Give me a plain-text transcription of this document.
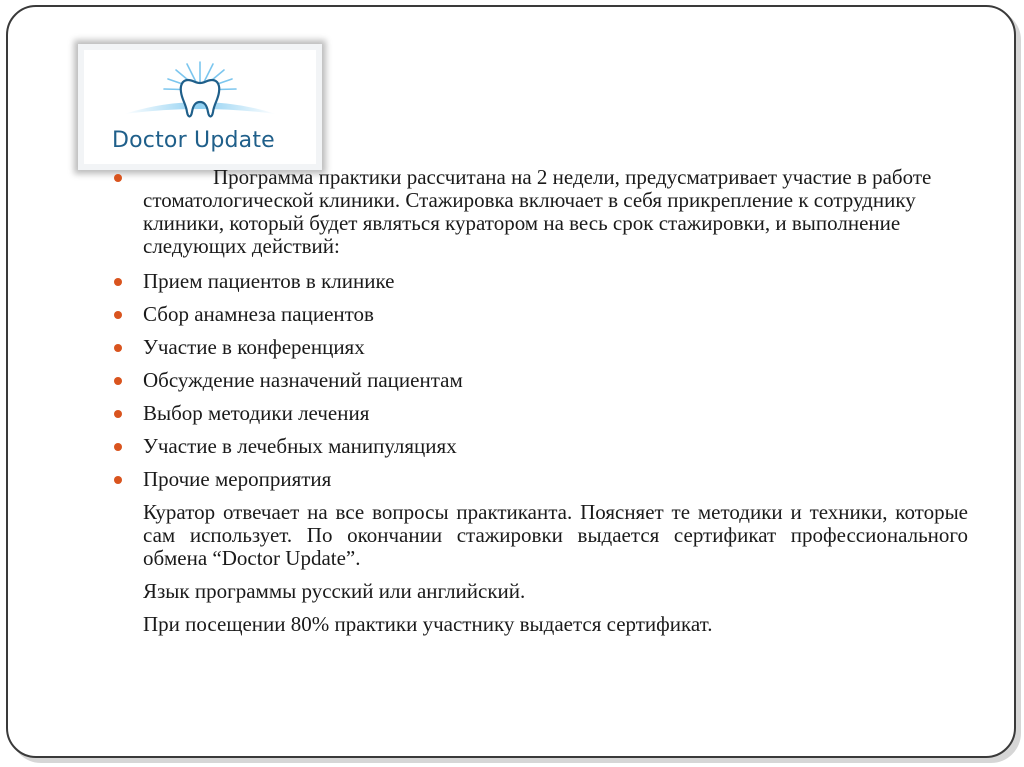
Doctor Update
Программа практики рассчитана на 2 недели, предусматривает участие в работе стоматологической клиники. Стажировка включает в себя прикрепление к сотруднику клиники, который будет являться куратором на весь срок стажировки, и выполнение следующих действий:
Прием пациентов в клинике
Сбор анамнеза пациентов
Участие в конференциях
Обсуждение назначений пациентам
Выбор методики лечения
Участие в лечебных манипуляциях
Прочие мероприятия
Куратор отвечает на все вопросы практиканта. Поясняет те методики и техники, которые сам использует. По окончании стажировки выдается сертификат профессионального обмена “Doctor Update”.
Язык программы русский или английский.
При посещении 80% практики участнику выдается сертификат.
